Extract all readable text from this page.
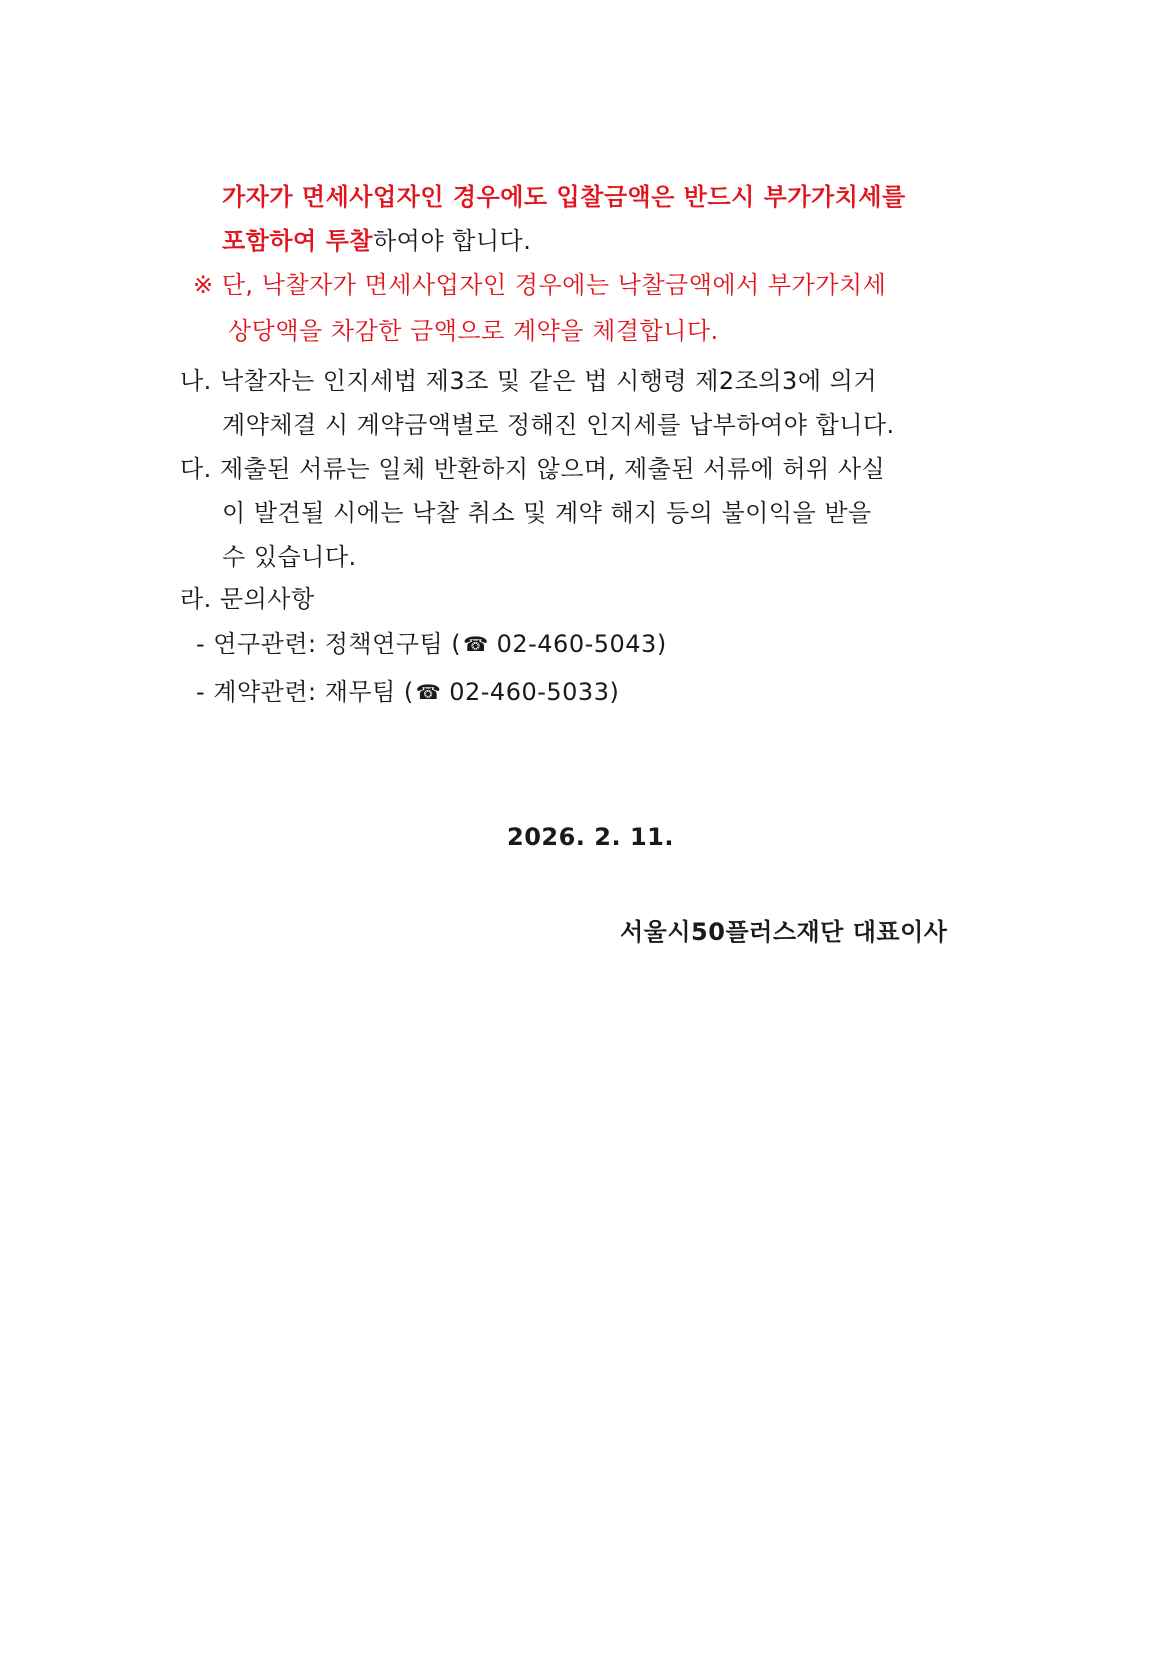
가자가 면세사업자인 경우에도 입찰금액은 반드시 부가가치세를
포함하여 투찰하여야 합니다.
※ 단, 낙찰자가 면세사업자인 경우에는 낙찰금액에서 부가가치세
상당액을 차감한 금액으로 계약을 체결합니다.
나. 낙찰자는 인지세법 제3조 및 같은 법 시행령 제2조의3에 의거
계약체결 시 계약금액별로 정해진 인지세를 납부하여야 합니다.
다. 제출된 서류는 일체 반환하지 않으며, 제출된 서류에 허위 사실
이 발견될 시에는 낙찰 취소 및 계약 해지 등의 불이익을 받을
수 있습니다.
라. 문의사항
- 연구관련: 정책연구팀 ( ☎ 02-460-5043)
- 계약관련: 재무팀 ( ☎ 02-460-5033)
2026. 2. 11.
서울시50플러스재단 대표이사
